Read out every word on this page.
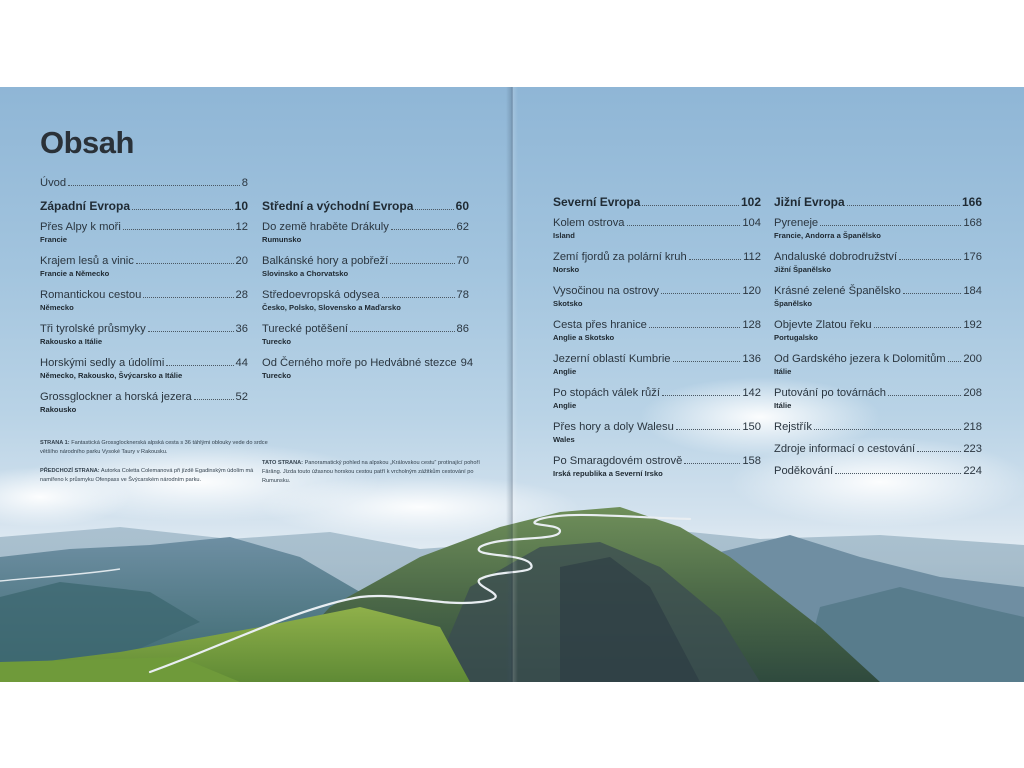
Obsah
Úvod	8
Západní Evropa	10
Přes Alpy k moři	12
Francie
Krajem lesů a vinic	20
Francie a Německo
Romantickou cestou	28
Německo
Tři tyrolské průsmyky	36
Rakousko a Itálie
Horskými sedly a údolími	44
Německo, Rakousko, Švýcarsko a Itálie
Grossglockner a horská jezera	52
Rakousko
Střední a východní Evropa	60
Do země hraběte Drákuly	62
Rumunsko
Balkánské hory a pobřeží	70
Slovinsko a Chorvatsko
Středoevropská odysea	78
Česko, Polsko, Slovensko a Maďarsko
Turecké potěšení	86
Turecko
Od Černého moře po Hedvábné stezce 94
Turecko
Severní Evropa	102
Kolem ostrova	104
Island
Zemí fjordů za polární kruh	112
Norsko
Vysočinou na ostrovy	120
Skotsko
Cesta přes hranice	128
Anglie a Skotsko
Jezerní oblastí Kumbrie	136
Anglie
Po stopách válek růží	142
Anglie
Přes hory a doly Walesu	150
Wales
Po Smaragdovém ostrově	158
Irská republika a Severní Irsko
Jižní Evropa	166
Pyreneje	168
Francie, Andorra a Španělsko
Andaluské dobrodružství	176
Jižní Španělsko
Krásné zelené Španělsko	184
Španělsko
Objevte Zlatou řeku	192
Portugalsko
Od Gardského jezera k Dolomitům 200
Itálie
Putování po továrnách	208
Itálie
Rejstřík	218
Zdroje informací o cestování	223
Poděkování	224
STRANA 1: Fantastická Grossglocknerská alpská cesta s 36 táhlými oblouky vede do srdce většího národního parku Vysoké Taury v Rakousku.
PŘEDCHOZÍ STRANA: Autorka Coletta Colemanová při jízdě Egadinským údolím má namířeno k průsmyku Ofenpass ve Švýcarském národním parku.
TATO STRANA: Panoramatický pohled na alpskou „Královskou cestu“ protínající pohoří Fǎrǎng. Jízda touto úžasnou horskou cestou patří k vrcholným zážitkům cestování po Rumunsku.
